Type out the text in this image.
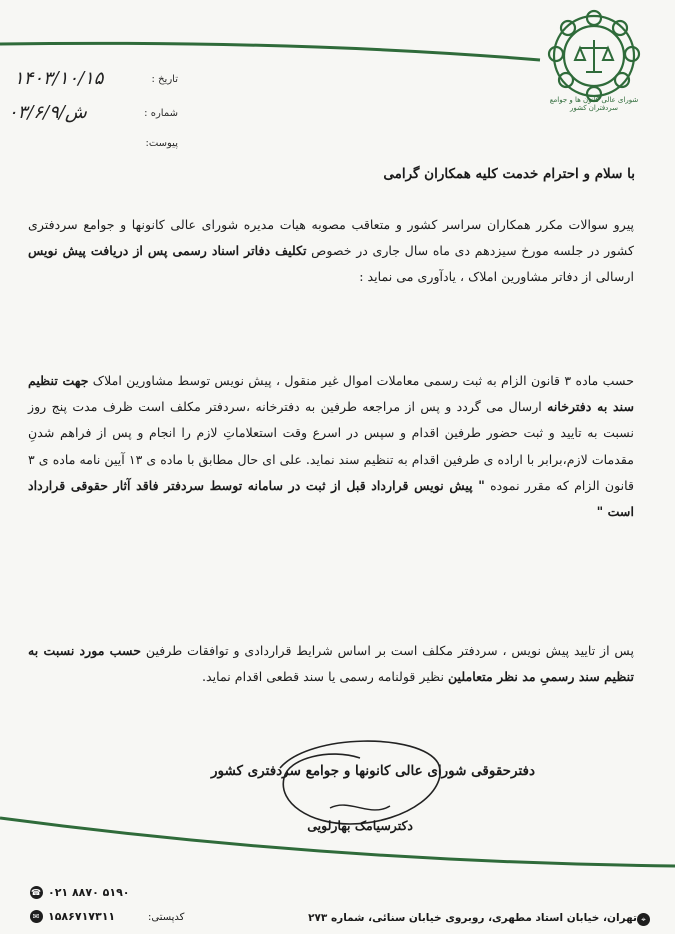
شورای عالی کانون ها و جوامع سردفتران کشور
تاریخ :
۱۴۰۳/۱۰/۱۵
شماره :
۰۳/۶/ش/۹
پیوست:
با سلام و احترام خدمت کلیه همکاران گرامی
پیرو سوالات مکرر همکاران سراسر کشور و متعاقب مصوبه هیات مدیره شورای عالی کانونها و جوامع سردفتری کشور در جلسه مورخ سیزدهم دی ماه سال جاری در خصوص تکلیف دفاتر اسناد رسمی پس از دریافت پیش نویس ارسالی از دفاتر مشاورین املاک ، یادآوری می نماید :
حسب ماده ۳ قانون الزام به ثبت رسمی معاملات اموال غیر منقول ، پیش نویس توسط مشاورین املاک جهت تنظیم سند به دفترخانه ارسال می گردد و پس از مراجعه طرفین به دفترخانه ،سردفتر مکلف است ظرف مدت پنج روز نسبت به تایید و ثبت حضور طرفین اقدام و سپس در اسرع وقت استعلاماتِ لازم را انجام و پس از فراهم شدنِ مقدمات لازم،برابر با اراده ی طرفین اقدام به تنظیم سند نماید. علی ای حال مطابق با ماده ی ۱۳ آیین نامه ماده ی ۳ قانون الزام که مقرر نموده " پیش نویس قرارداد قبل از ثبت در سامانه توسط سردفتر فاقد آثار حقوقی قرارداد است "
پس از تایید پیش نویس ، سردفتر مکلف است بر اساس شرایط قراردادی و توافقات طرفین حسب مورد نسبت به تنظیم سند رسمیِ مد نظر متعاملین نظیر قولنامه رسمی یا سند قطعی اقدام نماید.
دفترحقوقی شورای عالی کانونها و جوامع سردفتری کشور
دکترسیامک بهارلویی
☎ ۰۲۱ ۸۸۷۰ ۵۱۹۰
✉ ۱۵۸۶۷۱۷۳۱۱	کدپستی:	تهران، خیابان استاد مطهری، روبروی خیابان سنائی، شماره ۲۷۳ ⌖
